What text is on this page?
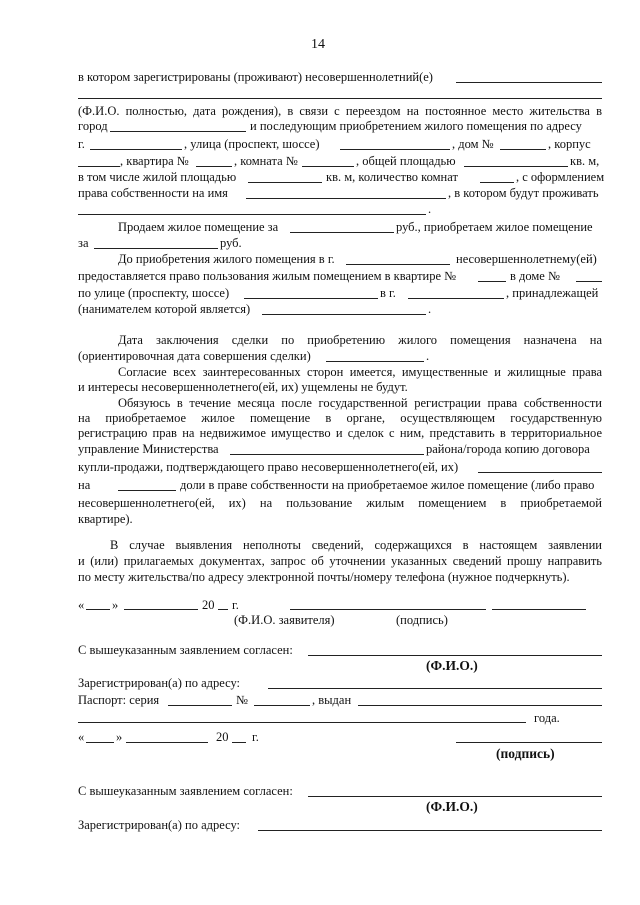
14
в котором зарегистрированы (проживают) несовершеннолетний(е)
(Ф.И.О. полностью, дата рождения), в связи с переездом на постоянное место жительства в
город	и последующим приобретением жилого помещения по адресу
г.	, улица (проспект, шоссе)	, дом №	, корпус
, квартира №	, комната №	, общей площадью	кв. м,
в том числе жилой площадью	кв. м, количество комнат	, с оформлением
права собственности на имя	, в котором будут проживать
.
Продаем жилое помещение за	руб., приобретаем жилое помещение
за	руб.
До приобретения жилого помещения в г.	несовершеннолетнему(ей)
предоставляется право пользования жилым помещением в квартире №	в доме №
по улице (проспекту, шоссе)	в г.	, принадлежащей
(нанимателем которой является)	.
Дата заключения сделки по приобретению жилого помещения назначена на
(ориентировочная дата совершения сделки)	.
Согласие всех заинтересованных сторон имеется, имущественные и жилищные права
и интересы несовершеннолетнего(ей, их) ущемлены не будут.
Обязуюсь в течение месяца после государственной регистрации права собственности
на приобретаемое жилое помещение в органе, осуществляющем государственную
регистрацию прав на недвижимое имущество и сделок с ним, представить в территориальное
управление Министерства	района/города копию договора
купли-продажи, подтверждающего право несовершеннолетнего(ей, их)
на	доли в праве собственности на приобретаемое жилое помещение (либо право
несовершеннолетнего(ей, их) на пользование жилым помещением в приобретаемой
квартире).
В случае выявления неполноты сведений, содержащихся в настоящем заявлении
и (или) прилагаемых документах, запрос об уточнении указанных сведений прошу направить
по месту жительства/по адресу электронной почты/номеру телефона (нужное подчеркнуть).
« »	20 г.
(Ф.И.О. заявителя)	(подпись)
С вышеуказанным заявлением согласен:
(Ф.И.О.)
Зарегистрирован(а) по адресу:
Паспорт: серия	№	, выдан
года.
«	»	20 г.
(подпись)
С вышеуказанным заявлением согласен:
(Ф.И.О.)
Зарегистрирован(а) по адресу:
